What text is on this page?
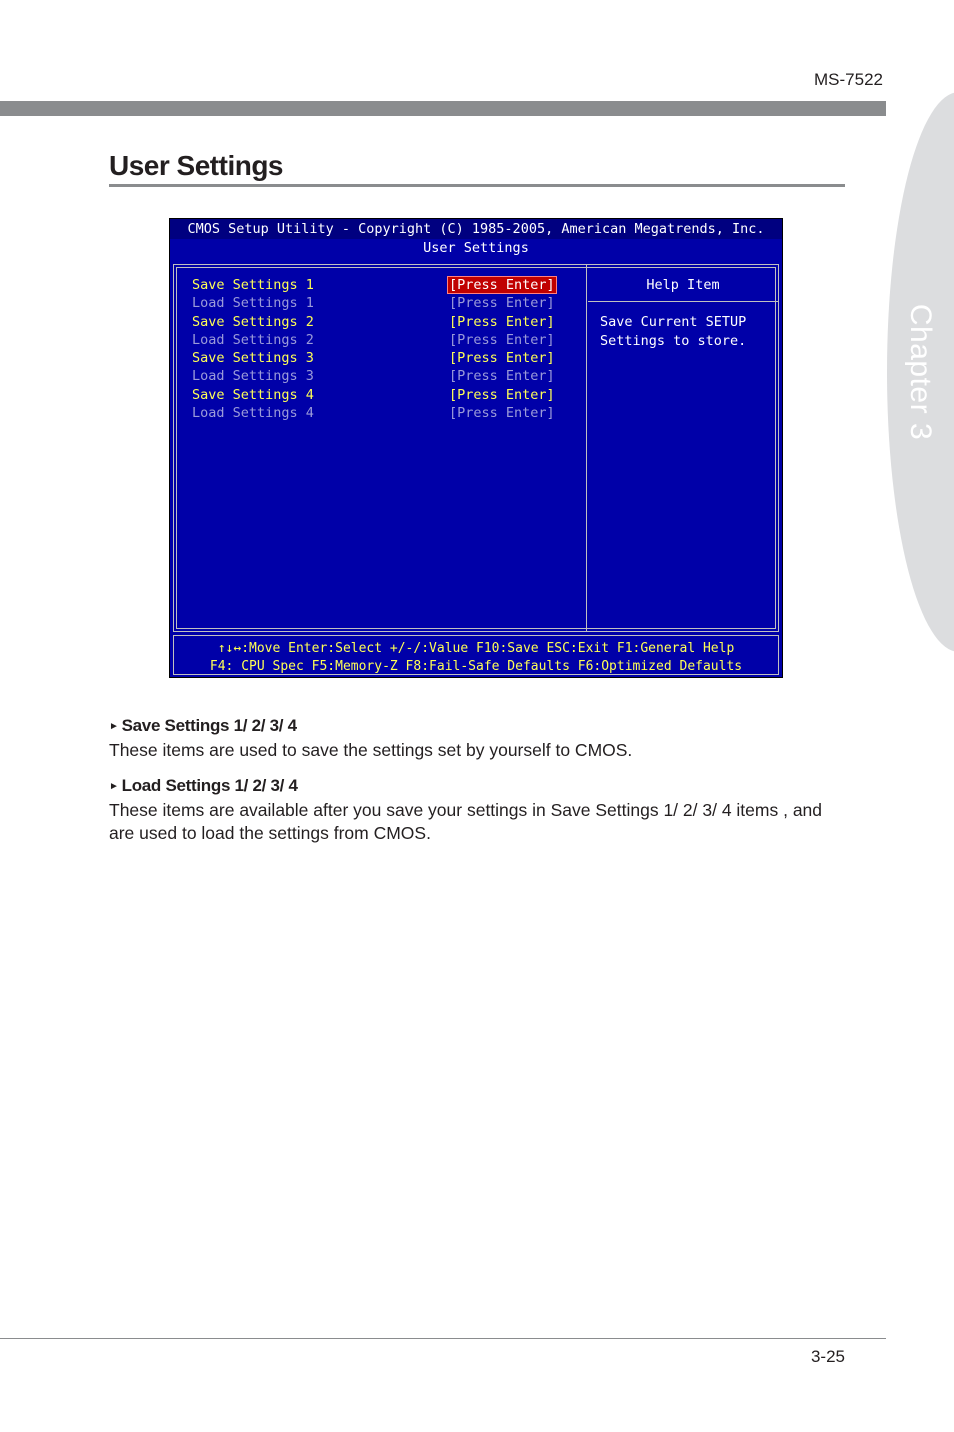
MS-7522
Chapter 3
User Settings
CMOS Setup Utility - Copyright (C) 1985-2005, American Megatrends, Inc.
User Settings
Help Item
Save Current SETUP
Settings to store.
Save Settings 1	[Press Enter]
Load Settings 1	[Press Enter]
Save Settings 2	[Press Enter]
Load Settings 2	[Press Enter]
Save Settings 3	[Press Enter]
Load Settings 3	[Press Enter]
Save Settings 4	[Press Enter]
Load Settings 4	[Press Enter]
↑↓↔:Move Enter:Select +/-/:Value F10:Save ESC:Exit F1:General Help
F4: CPU Spec F5:Memory-Z F8:Fail-Safe Defaults F6:Optimized Defaults
► Save Settings 1/ 2/ 3/ 4
These items are used to save the settings set by yourself to CMOS.
► Load Settings 1/ 2/ 3/ 4
These items are available after you save your settings in Save Settings 1/ 2/ 3/ 4 items , and are used to load the settings from CMOS.
3-25
